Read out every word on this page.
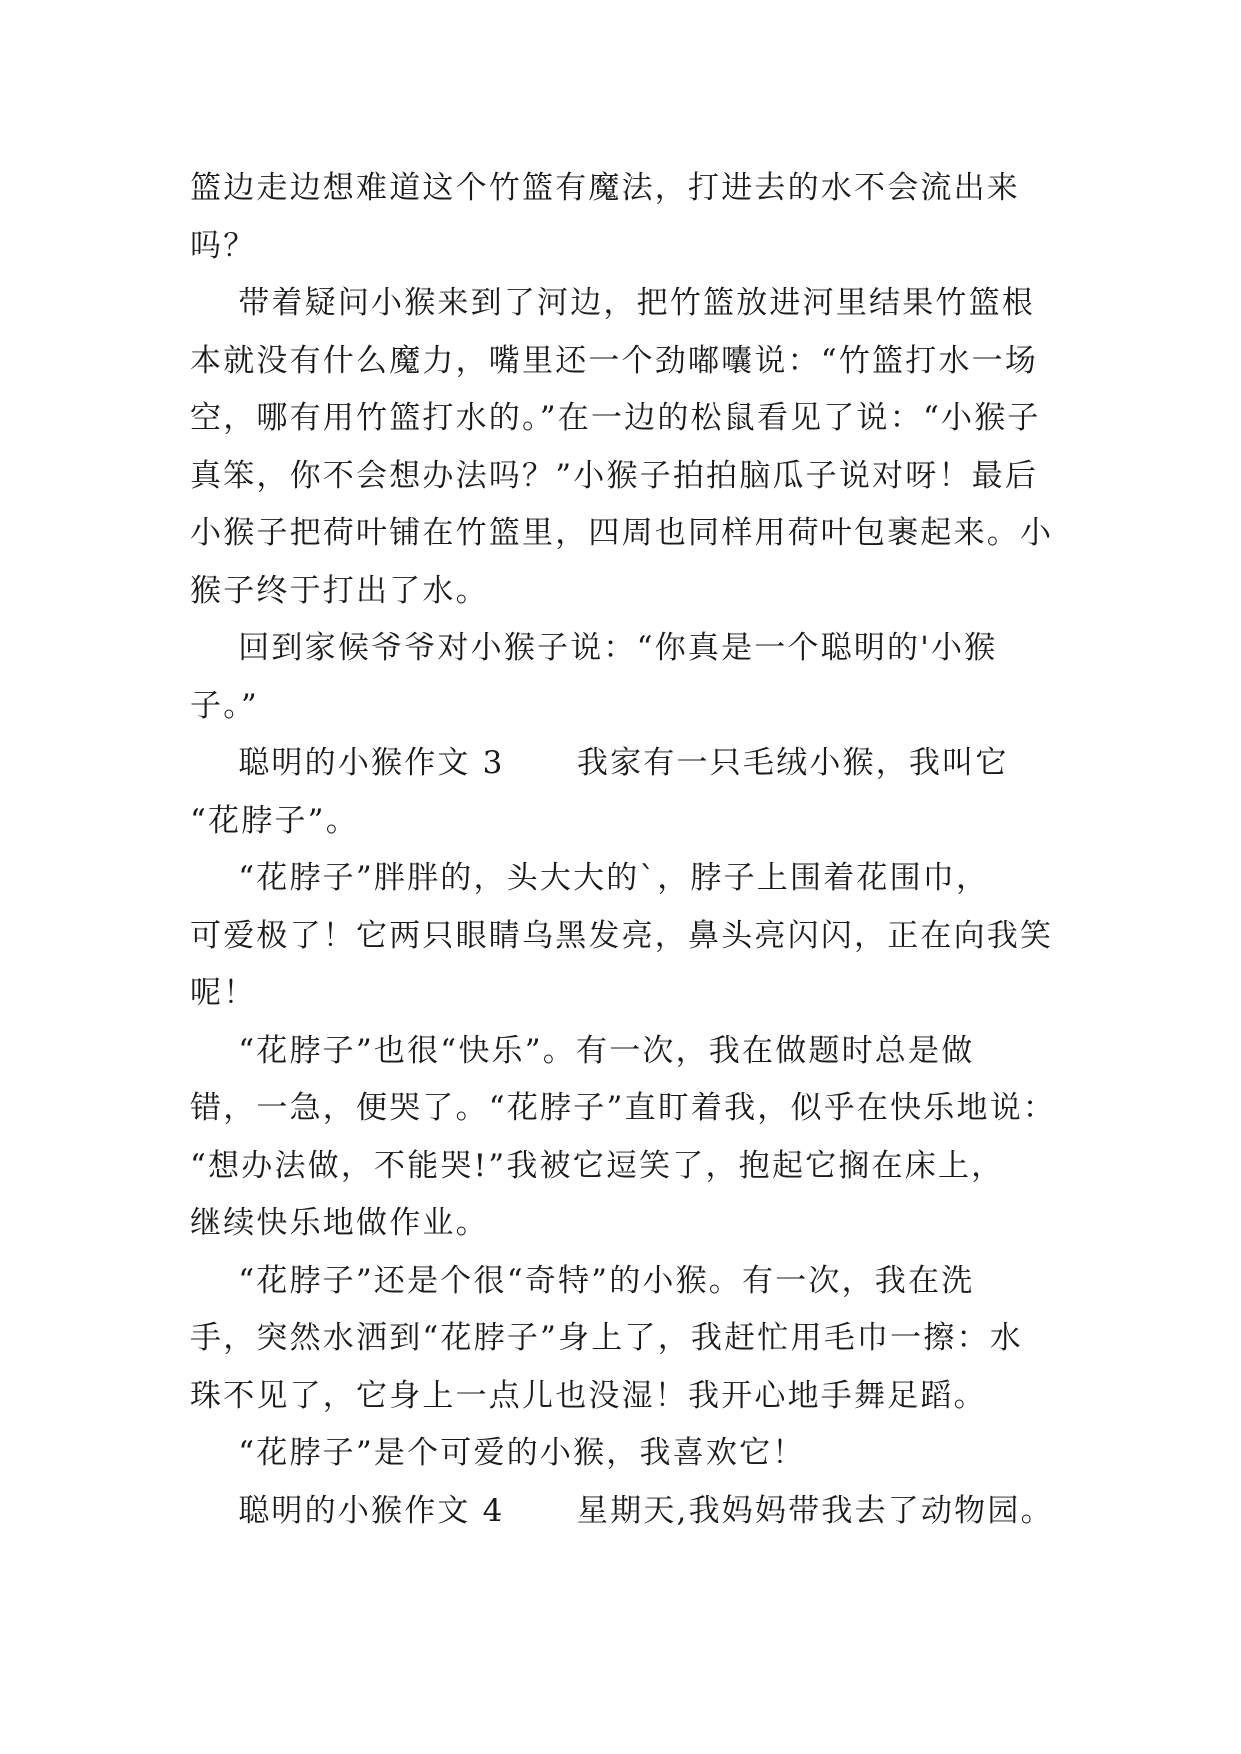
篮边走边想难道这个竹篮有魔法，打进去的水不会流出来
吗？
带着疑问小猴来到了河边，把竹篮放进河里结果竹篮根
本就没有什么魔力，嘴里还一个劲嘟囔说：“竹篮打水一场
空，哪有用竹篮打水的。”在一边的松鼠看见了说：“小猴子
真笨，你不会想办法吗？”小猴子拍拍脑瓜子说对呀！最后
小猴子把荷叶铺在竹篮里，四周也同样用荷叶包裹起来。小
猴子终于打出了水。
回到家候爷爷对小猴子说：“你真是一个聪明的'小猴
子。”
聪明的小猴作文 3      我家有一只毛绒小猴，我叫它
“花脖子”。
“花脖子”胖胖的，头大大的`，脖子上围着花围巾，
可爱极了！它两只眼睛乌黑发亮，鼻头亮闪闪，正在向我笑
呢！
“花脖子”也很“快乐”。有一次，我在做题时总是做
错，一急，便哭了。“花脖子”直盯着我，似乎在快乐地说：
“想办法做，不能哭!”我被它逗笑了，抱起它搁在床上，
继续快乐地做作业。
“花脖子”还是个很“奇特”的小猴。有一次，我在洗
手，突然水洒到“花脖子”身上了，我赶忙用毛巾一擦：水
珠不见了，它身上一点儿也没湿！我开心地手舞足蹈。
“花脖子”是个可爱的小猴，我喜欢它！
聪明的小猴作文 4      星期天,我妈妈带我去了动物园。
